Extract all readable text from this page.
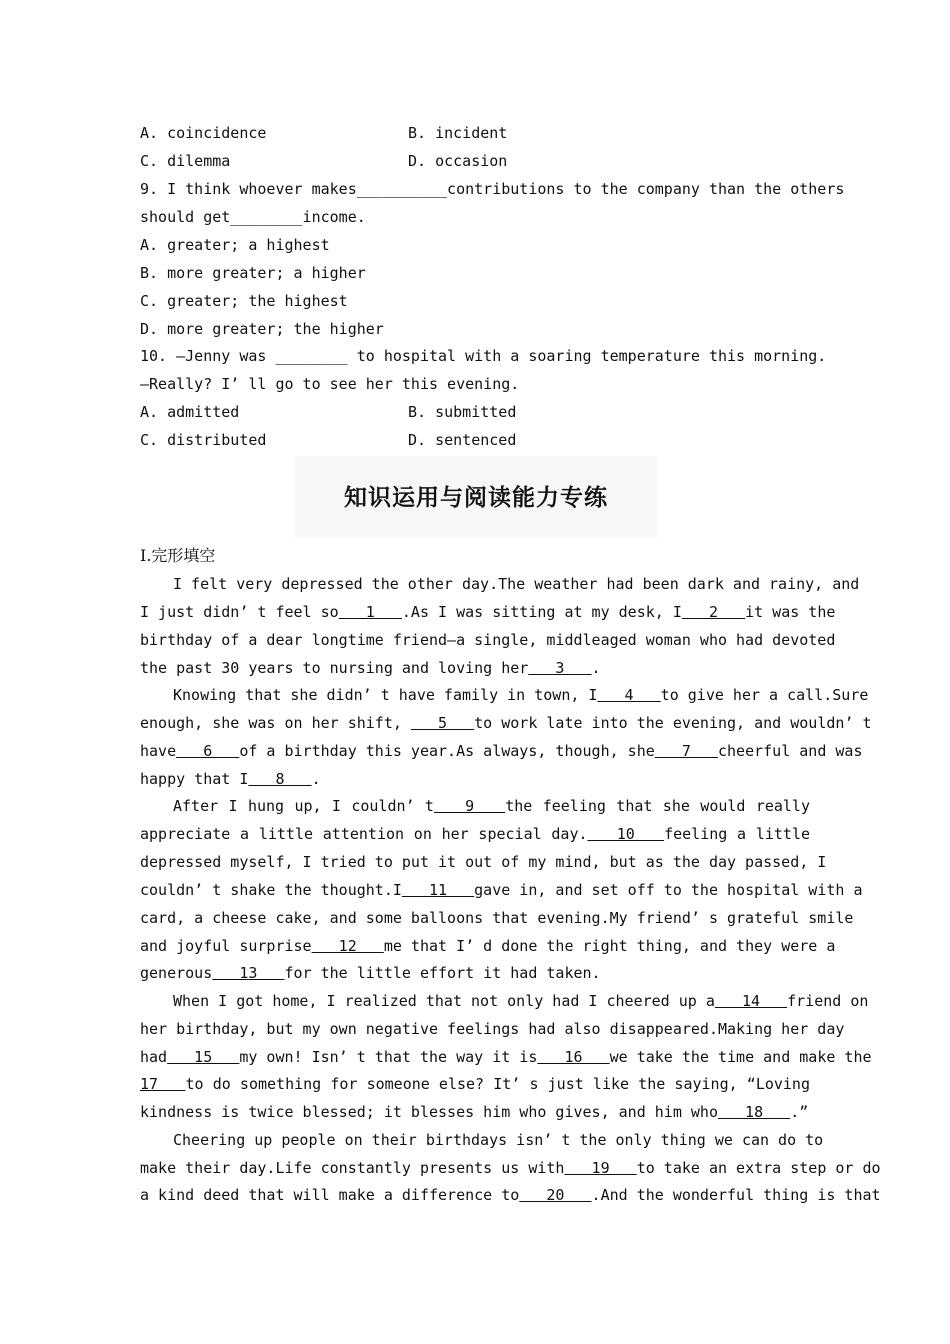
A. coincidence	B. incident
C. dilemma	D. occasion
9. I think whoever makes__________contributions to the company than the others
should get________income.
A. greater; a highest
B. more greater; a higher
C. greater; the highest
D. more greater; the higher
10. —Jenny was ________ to hospital with a soaring temperature this morning.
—Really? I’ ll go to see her this evening.
A. admitted	B. submitted
C. distributed	D. sentenced
知识运用与阅读能力专练
Ⅰ.完形填空
I felt very depressed the other day.The weather had been dark and rainy, and
I just didn’ t feel so   1   .As I was sitting at my desk, I   2   it was the
birthday of a dear longtime friend—a single, middleaged woman who had devoted
the past 30 years to nursing and loving her   3   .
Knowing that she didn’ t have family in town, I   4   to give her a call.Sure
enough, she was on her shift,    5   to work late into the evening, and wouldn’ t
have   6   of a birthday this year.As always, though, she   7   cheerful and was
happy that I   8   .
After I hung up, I couldn’ t   9   the feeling that she would really
appreciate a little attention on her special day.   10   feeling a little
depressed myself, I tried to put it out of my mind, but as the day passed, I
couldn’ t shake the thought.I   11   gave in, and set off to the hospital with a
card, a cheese cake, and some balloons that evening.My friend’ s grateful smile
and joyful surprise   12   me that I’ d done the right thing, and they were a
generous   13   for the little effort it had taken.
When I got home, I realized that not only had I cheered up a   14   friend on
her birthday, but my own negative feelings had also disappeared.Making her day
had   15   my own! Isn’ t that the way it is   16   we take the time and make the
17   to do something for someone else? It’ s just like the saying, “Loving
kindness is twice blessed; it blesses him who gives, and him who   18   .”
Cheering up people on their birthdays isn’ t the only thing we can do to
make their day.Life constantly presents us with   19   to take an extra step or do
a kind deed that will make a difference to   20   .And the wonderful thing is that
